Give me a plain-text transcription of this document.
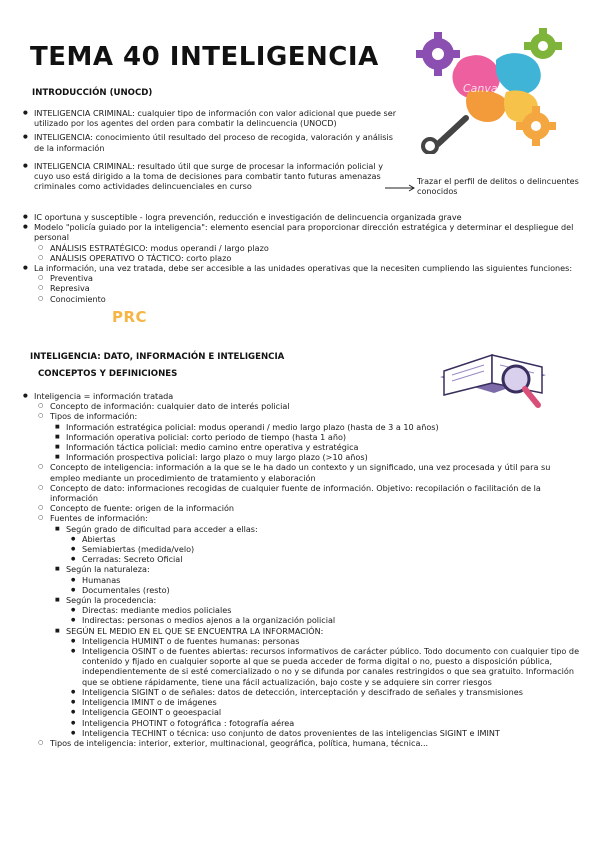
TEMA 40 INTELIGENCIA
Canva
INTRODUCCIÓN (UNOCD)
● INTELIGENCIA CRIMINAL: cualquier tipo de información con valor adicional que puede ser utilizado por los agentes del orden para combatir la delincuencia (UNOCD)
● INTELIGENCIA: conocimiento útil resultado del proceso de recogida, valoración y análisis de la información
● INTELIGENCIA CRIMINAL: resultado útil que surge de procesar la información policial y cuyo uso está dirigido a la toma de decisiones para combatir tanto futuras amenazas criminales como actividades delincuenciales en curso
● IC oportuna y susceptible - logra prevención, reducción e investigación de delincuencia organizada grave
● Modelo "policía guiado por la inteligencia": elemento esencial para proporcionar dirección estratégica y determinar el despliegue del personal
○ ANÁLISIS ESTRATÉGICO: modus operandi / largo plazo
○ ANÁLISIS OPERATIVO O TÁCTICO: corto plazo
● La información, una vez tratada, debe ser accesible a las unidades operativas que la necesiten cumpliendo las siguientes funciones:
○ Preventiva
○ Represiva
○ Conocimiento
Trazar el perfil de delitos o delincuentes conocidos
PRC
INTELIGENCIA: DATO, INFORMACIÓN E INTELIGENCIA
CONCEPTOS Y DEFINICIONES
● Inteligencia = información tratada
○ Concepto de información: cualquier dato de interés policial
○ Tipos de información:
■ Información estratégica policial: modus operandi / medio largo plazo (hasta de 3 a 10 años)
■ Información operativa policial: corto periodo de tiempo (hasta 1 año)
■ Información táctica policial: medio camino entre operativa y estratégica
■ Información prospectiva policial: largo plazo o muy largo plazo (>10 años)
○ Concepto de inteligencia: información a la que se le ha dado un contexto y un significado, una vez procesada y útil para su empleo mediante un procedimiento de tratamiento y elaboración
○ Concepto de dato: informaciones recogidas de cualquier fuente de información. Objetivo: recopilación o facilitación de la información
○ Concepto de fuente: origen de la información
○ Fuentes de información:
■ Según grado de dificultad para acceder a ellas:
● Abiertas
● Semiabiertas (medida/velo)
● Cerradas: Secreto Oficial
■ Según la naturaleza:
● Humanas
● Documentales (resto)
■ Según la procedencia:
● Directas: mediante medios policiales
● Indirectas: personas o medios ajenos a la organización policial
■ SEGÚN EL MEDIO EN EL QUE SE ENCUENTRA LA INFORMACIÓN:
● Inteligencia HUMINT o de fuentes humanas: personas
● Inteligencia OSINT o de fuentes abiertas: recursos informativos de carácter público. Todo documento con cualquier tipo de contenido y fijado en cualquier soporte al que se pueda acceder de forma digital o no, puesto a disposición pública, independientemente de si esté comercializado o no y se difunda por canales restringidos o que sea gratuito. Información que se obtiene rápidamente, tiene una fácil actualización, bajo coste y se adquiere sin correr riesgos
● Inteligencia SIGINT o de señales: datos de detección, interceptación y descifrado de señales y transmisiones
● Inteligencia IMINT o de imágenes
● Inteligencia GEOINT o geoespacial
● Inteligencia PHOTINT o fotográfica : fotografía aérea
● Inteligencia TECHINT o técnica: uso conjunto de datos provenientes de las inteligencias SIGINT e IMINT
○ Tipos de inteligencia: interior, exterior, multinacional, geográfica, política, humana, técnica...
